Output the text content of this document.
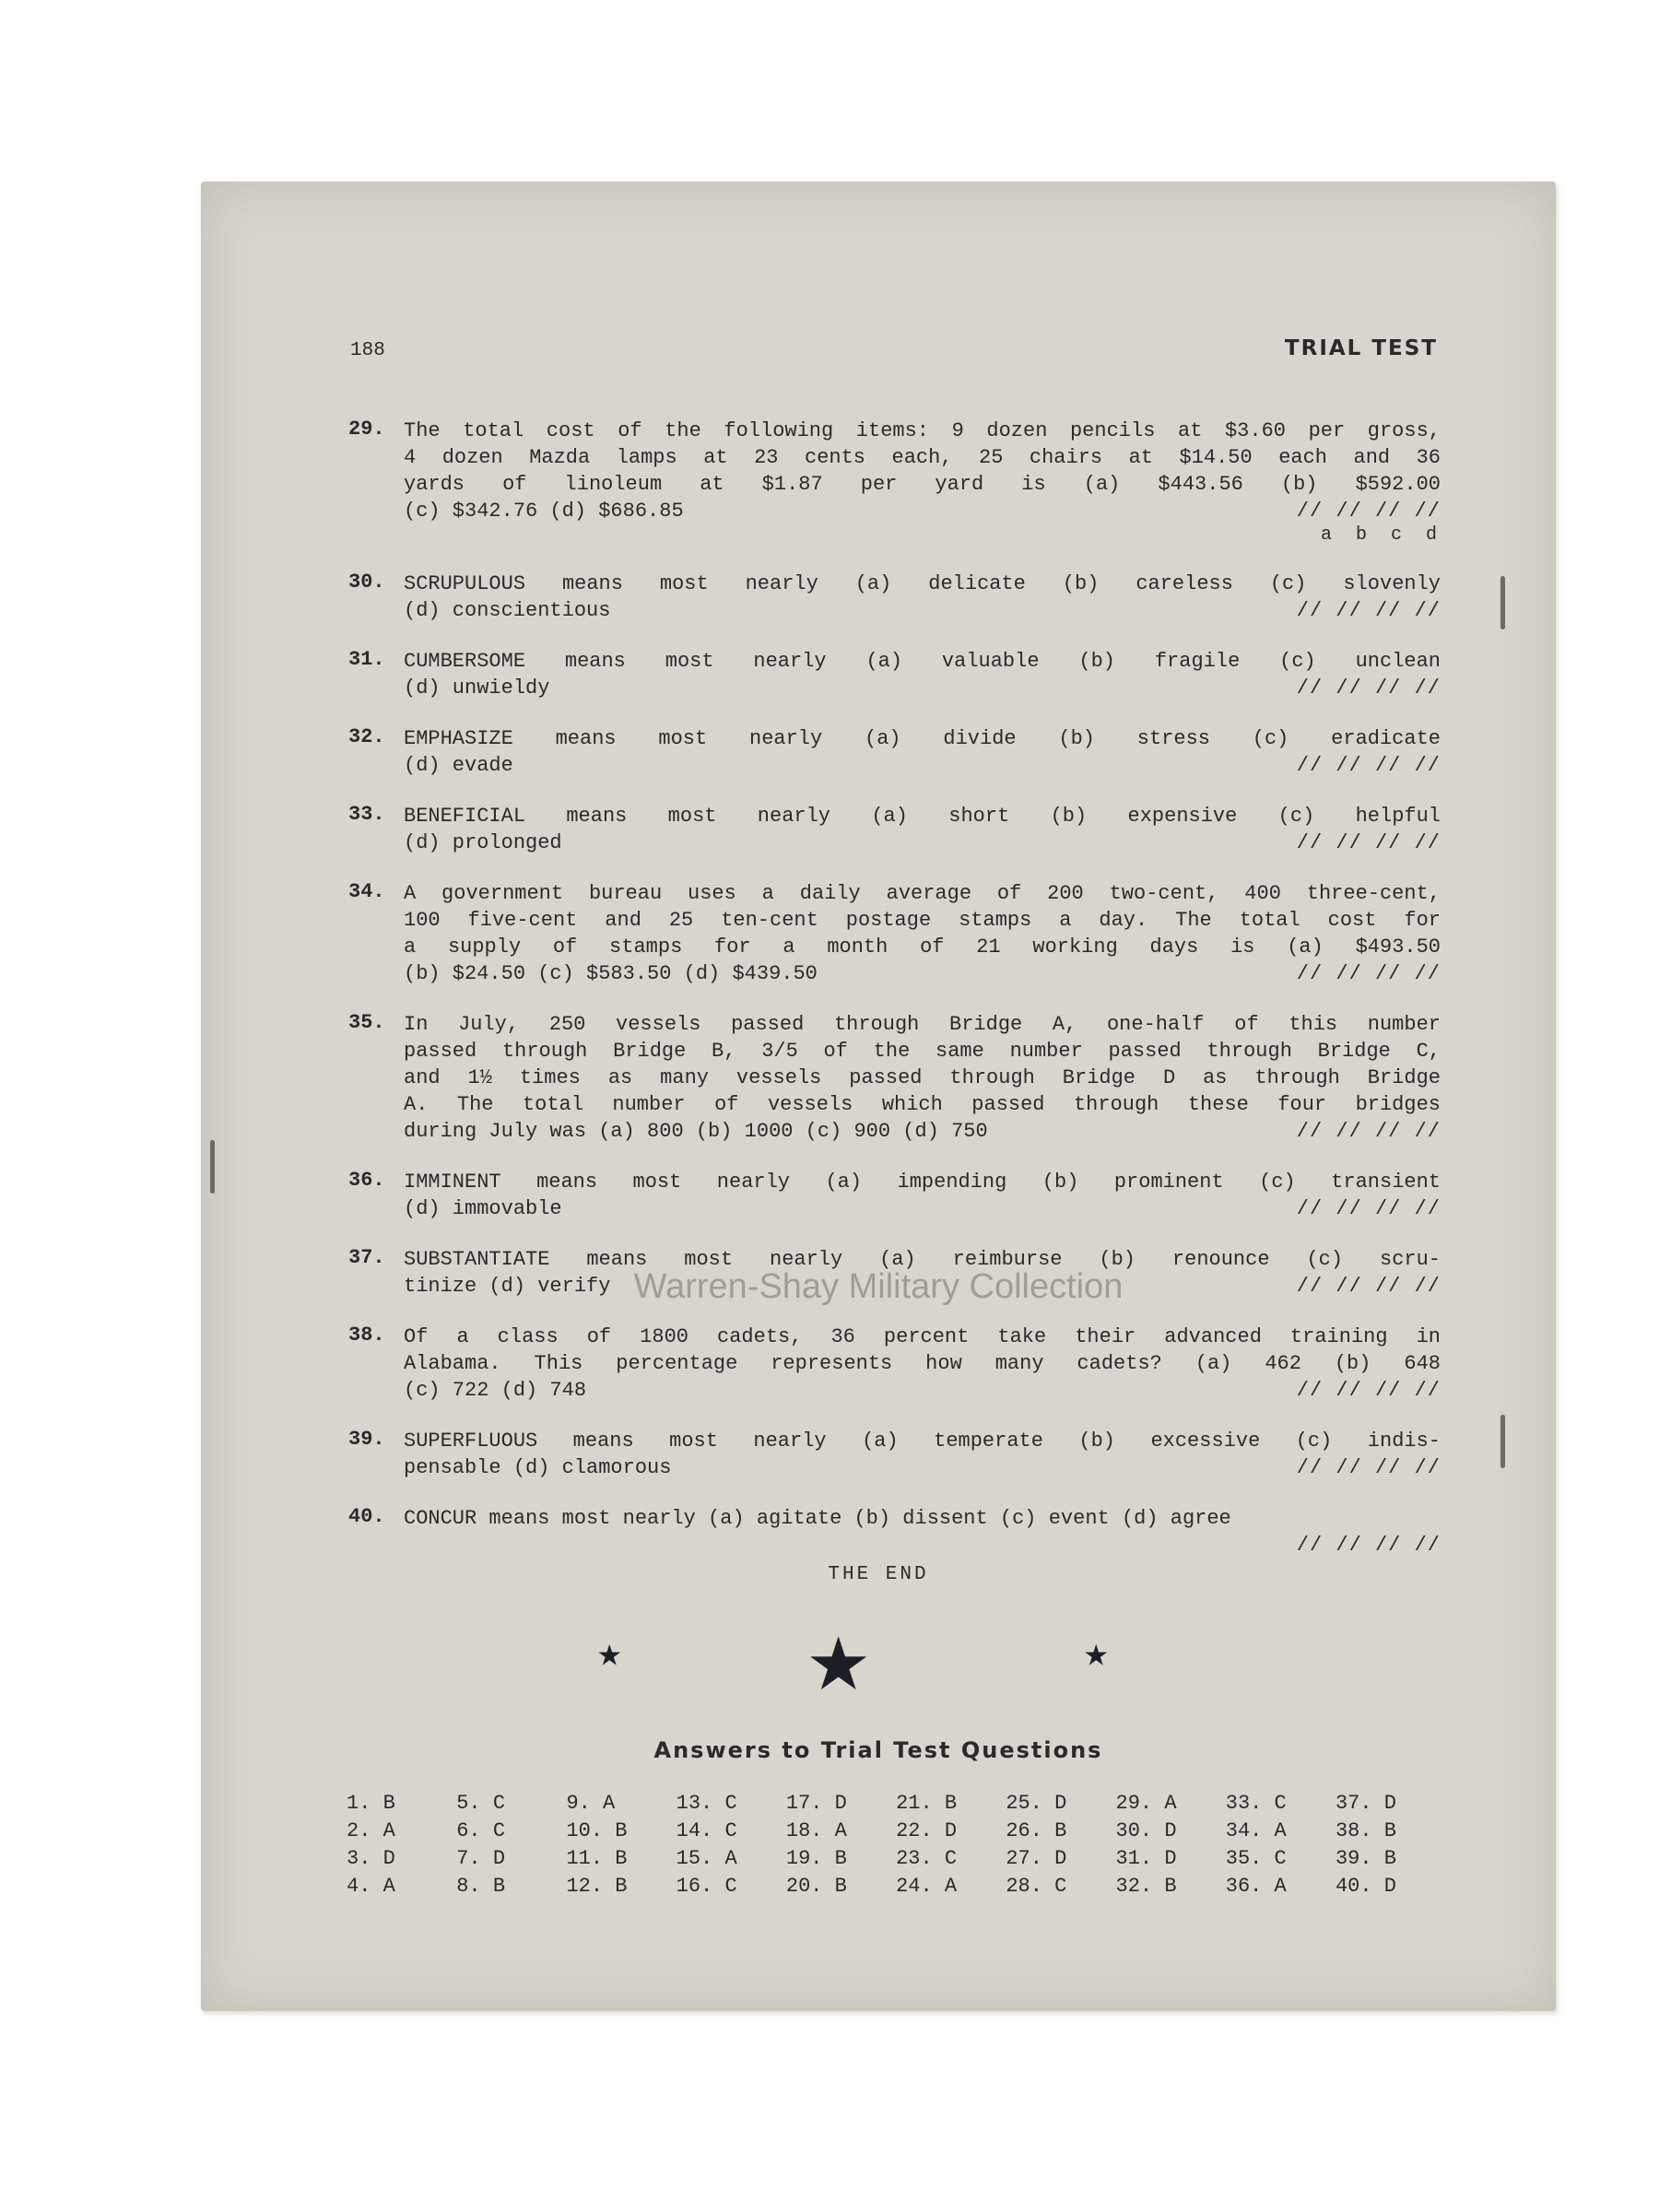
188	TRIAL TEST
29. The total cost of the following items: 9 dozen pencils at $3.60 per gross,
4 dozen Mazda lamps at 23 cents each, 25 chairs at $14.50 each and 36
yards of linoleum at $1.87 per yard is (a) $443.56 (b) $592.00
(c) $342.76 (d) $686.85	// // // //
a b c d
30. SCRUPULOUS means most nearly (a) delicate (b) careless (c) slovenly
(d) conscientious	// // // //
31. CUMBERSOME means most nearly (a) valuable (b) fragile (c) unclean
(d) unwieldy	// // // //
32. EMPHASIZE means most nearly (a) divide (b) stress (c) eradicate
(d) evade	// // // //
33. BENEFICIAL means most nearly (a) short (b) expensive (c) helpful
(d) prolonged	// // // //
34. A government bureau uses a daily average of 200 two-cent, 400 three-cent,
100 five-cent and 25 ten-cent postage stamps a day. The total cost for
a supply of stamps for a month of 21 working days is (a) $493.50
(b) $24.50 (c) $583.50 (d) $439.50	// // // //
35. In July, 250 vessels passed through Bridge A, one-half of this number
passed through Bridge B, 3/5 of the same number passed through Bridge C,
and 1½ times as many vessels passed through Bridge D as through Bridge
A. The total number of vessels which passed through these four bridges
during July was (a) 800 (b) 1000 (c) 900 (d) 750	// // // //
36. IMMINENT means most nearly (a) impending (b) prominent (c) transient
(d) immovable	// // // //
37. SUBSTANTIATE means most nearly (a) reimburse (b) renounce (c) scru-
tinize (d) verify	// // // //
38. Of a class of 1800 cadets, 36 percent take their advanced training in
Alabama. This percentage represents how many cadets? (a) 462 (b) 648
(c) 722 (d) 748	// // // //
39. SUPERFLUOUS means most nearly (a) temperate (b) excessive (c) indis-
pensable (d) clamorous	// // // //
40. CONCUR means most nearly (a) agitate (b) dissent (c) event (d) agree
// // // //
THE END
★ ★	★
Answers to Trial Test Questions
1. B	5. C	9. A	13. C	17. D	21. B	25. D	29. A	33. C	37. D
2. A	6. C	10. B	14. C	18. A	22. D	26. B	30. D	34. A	38. B
3. D	7. D	11. B	15. A	19. B	23. C	27. D	31. D	35. C	39. B
4. A	8. B	12. B	16. C	20. B	24. A	28. C	32. B	36. A	40. D
Warren-Shay Military Collection
